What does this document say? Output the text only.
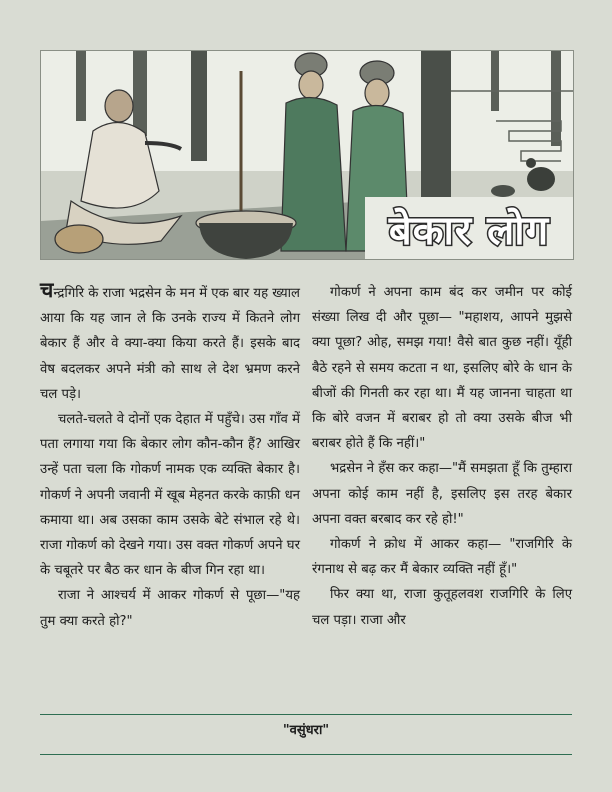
बेकार लोग

चन्द्रगिरि के राजा भद्रसेन के मन में एक बार यह ख्याल आया कि यह जान ले कि उनके राज्य में कितने लोग बेकार हैं और वे क्या-क्या किया करते हैं। इसके बाद वेष बदलकर अपने मंत्री को साथ ले देश भ्रमण करने चल पड़े।

चलते-चलते वे दोनों एक देहात में पहुँचे। उस गाँव में पता लगाया गया कि बेकार लोग कौन-कौन हैं? आखिर उन्हें पता चला कि गोकर्ण नामक एक व्यक्ति बेकार है। गोकर्ण ने अपनी जवानी में खूब मेहनत करके काफ़ी धन कमाया था। अब उसका काम उसके बेटे संभाल रहे थे। राजा गोकर्ण को देखने गया। उस वक्त गोकर्ण अपने घर के चबूतरे पर बैठ कर धान के बीज गिन रहा था।

राजा ने आश्चर्य में आकर गोकर्ण से पूछा—"यह तुम क्या करते हो?"

गोकर्ण ने अपना काम बंद कर जमीन पर कोई संख्या लिख दी और पूछा— "महाशय, आपने मुझसे क्या पूछा? ओह, समझ गया! वैसे बात कुछ नहीं। यूँही बैठे रहने से समय कटता न था, इसलिए बोरे के धान के बीजों की गिनती कर रहा था। मैं यह जानना चाहता था कि बोरे वजन में बराबर हो तो क्या उसके बीज भी बराबर होते हैं कि नहीं।"

भद्रसेन ने हँस कर कहा—"मैं समझता हूँ कि तुम्हारा अपना कोई काम नहीं है, इसलिए इस तरह बेकार अपना वक्त बरबाद कर रहे हो!"

गोकर्ण ने क्रोध में आकर कहा— "राजगिरि के रंगनाथ से बढ़ कर मैं बेकार व्यक्ति नहीं हूँ।"

फिर क्या था, राजा कुतूहलवश राजगिरि के लिए चल पड़ा। राजा और

"वसुंधरा"
